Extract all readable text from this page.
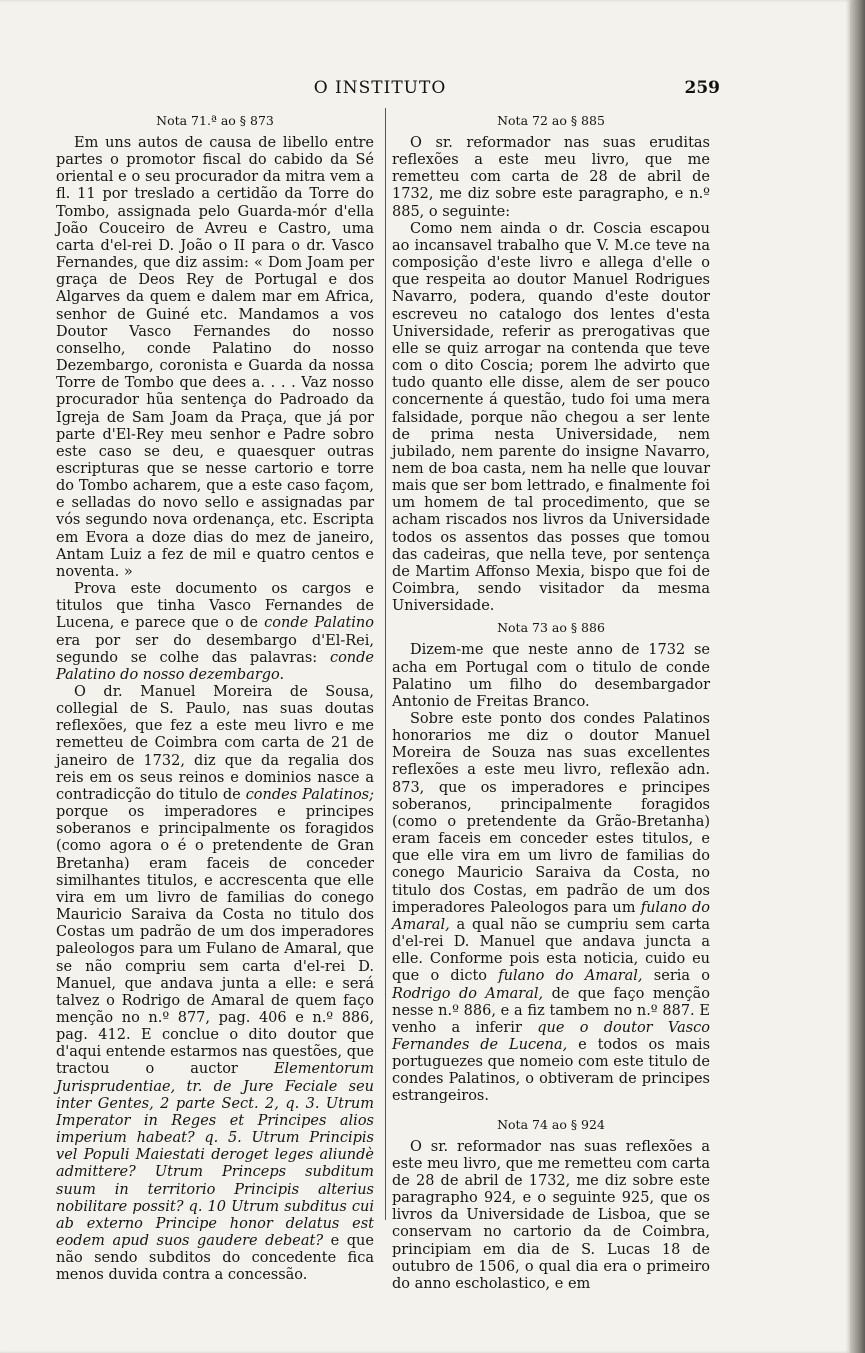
O INSTITUTO	259
Nota 71.ª ao § 873

Em uns autos de causa de libello entre partes o promotor fiscal do cabido da Sé oriental e o seu procurador da mitra vem a fl. 11 por treslado a certidão da Torre do Tombo, assignada pelo Guarda-mór d'ella João Couceiro de Avreu e Castro, uma carta d'el-rei D. João o II para o dr. Vasco Fernandes, que diz assim: « Dom Joam per graça de Deos Rey de Portugal e dos Algarves da quem e dalem mar em Africa, senhor de Guiné etc. Mandamos a vos Doutor Vasco Fernandes do nosso conselho, conde Palatino do nosso Dezembargo, coronista e Guarda da nossa Torre de Tombo que dees a. . . . Vaz nosso procurador hũa sentença do Padroado da Igreja de Sam Joam da Praça, que já por parte d'El-Rey meu senhor e Padre sobro este caso se deu, e quaesquer outras escripturas que se nesse cartorio e torre do Tombo acharem, que a este caso façom, e selladas do novo sello e assignadas par vós segundo nova ordenança, etc. Escripta em Evora a doze dias do mez de janeiro, Antam Luiz a fez de mil e quatro centos e noventa. »

Prova este documento os cargos e titulos que tinha Vasco Fernandes de Lucena, e parece que o de conde Palatino era por ser do desembargo d'El-Rei, segundo se colhe das palavras: conde Palatino do nosso dezembargo.

O dr. Manuel Moreira de Sousa, collegial de S. Paulo, nas suas doutas reflexões, que fez a este meu livro e me remetteu de Coimbra com carta de 21 de janeiro de 1732, diz que da regalia dos reis em os seus reinos e dominios nasce a contradicção do titulo de condes Palatinos; porque os imperadores e principes soberanos e principalmente os foragidos (como agora o é o pretendente de Gran Bretanha) eram faceis de conceder similhantes titulos, e accrescenta que elle vira em um livro de familias do conego Mauricio Saraiva da Costa no titulo dos Costas um padrão de um dos imperadores paleologos para um Fulano de Amaral, que se não compriu sem carta d'el-rei D. Manuel, que andava junta a elle: e será talvez o Rodrigo de Amaral de quem faço menção no n.º 877, pag. 406 e n.º 886, pag. 412. E conclue o dito doutor que d'aqui entende estarmos nas questões, que tractou o auctor Elementorum Jurisprudentiae, tr. de Jure Feciale seu inter Gentes, 2 parte Sect. 2, q. 3. Utrum Imperator in Reges et Principes alios imperium habeat? q. 5. Utrum Principis vel Populi Maiestati deroget leges aliundè admittere? Utrum Princeps subditum suum in territorio Principis alterius nobilitare possit? q. 10 Utrum subditus cui ab externo Principe honor delatus est eodem apud suos gaudere debeat? e que não sendo subditos do concedente fica menos duvida contra a concessão.

Nota 72 ao § 885

O sr. reformador nas suas eruditas reflexões a este meu livro, que me remetteu com carta de 28 de abril de 1732, me diz sobre este paragrapho, e n.º 885, o seguinte:

Como nem ainda o dr. Coscia escapou ao incansavel trabalho que V. M.ce teve na composição d'este livro e allega d'elle o que respeita ao doutor Manuel Rodrigues Navarro, podera, quando d'este doutor escreveu no catalogo dos lentes d'esta Universidade, referir as prerogativas que elle se quiz arrogar na contenda que teve com o dito Coscia; porem lhe advirto que tudo quanto elle disse, alem de ser pouco concernente á questão, tudo foi uma mera falsidade, porque não chegou a ser lente de prima nesta Universidade, nem jubilado, nem parente do insigne Navarro, nem de boa casta, nem ha nelle que louvar mais que ser bom lettrado, e finalmente foi um homem de tal procedimento, que se acham riscados nos livros da Universidade todos os assentos das posses que tomou das cadeiras, que nella teve, por sentença de Martim Affonso Mexia, bispo que foi de Coimbra, sendo visitador da mesma Universidade.

Nota 73 ao § 886

Dizem-me que neste anno de 1732 se acha em Portugal com o titulo de conde Palatino um filho do desembargador Antonio de Freitas Branco.

Sobre este ponto dos condes Palatinos honorarios me diz o doutor Manuel Moreira de Souza nas suas excellentes reflexões a este meu livro, reflexão adn. 873, que os imperadores e principes soberanos, principalmente foragidos (como o pretendente da Grão-Bretanha) eram faceis em conceder estes titulos, e que elle vira em um livro de familias do conego Mauricio Saraiva da Costa, no titulo dos Costas, em padrão de um dos imperadores Paleologos para um fulano do Amaral, a qual não se cumpriu sem carta d'el-rei D. Manuel que andava juncta a elle. Conforme pois esta noticia, cuido eu que o dicto fulano do Amaral, seria o Rodrigo do Amaral, de que faço menção nesse n.º 886, e a fiz tambem no n.º 887. E venho a inferir que o doutor Vasco Fernandes de Lucena, e todos os mais portuguezes que nomeio com este titulo de condes Palatinos, o obtiveram de principes estrangeiros.

Nota 74 ao § 924

O sr. reformador nas suas reflexões a este meu livro, que me remetteu com carta de 28 de abril de 1732, me diz sobre este paragrapho 924, e o seguinte 925, que os livros da Universidade de Lisboa, que se conservam no cartorio da de Coimbra, principiam em dia de S. Lucas 18 de outubro de 1506, o qual dia era o primeiro do anno escholastico, e em
